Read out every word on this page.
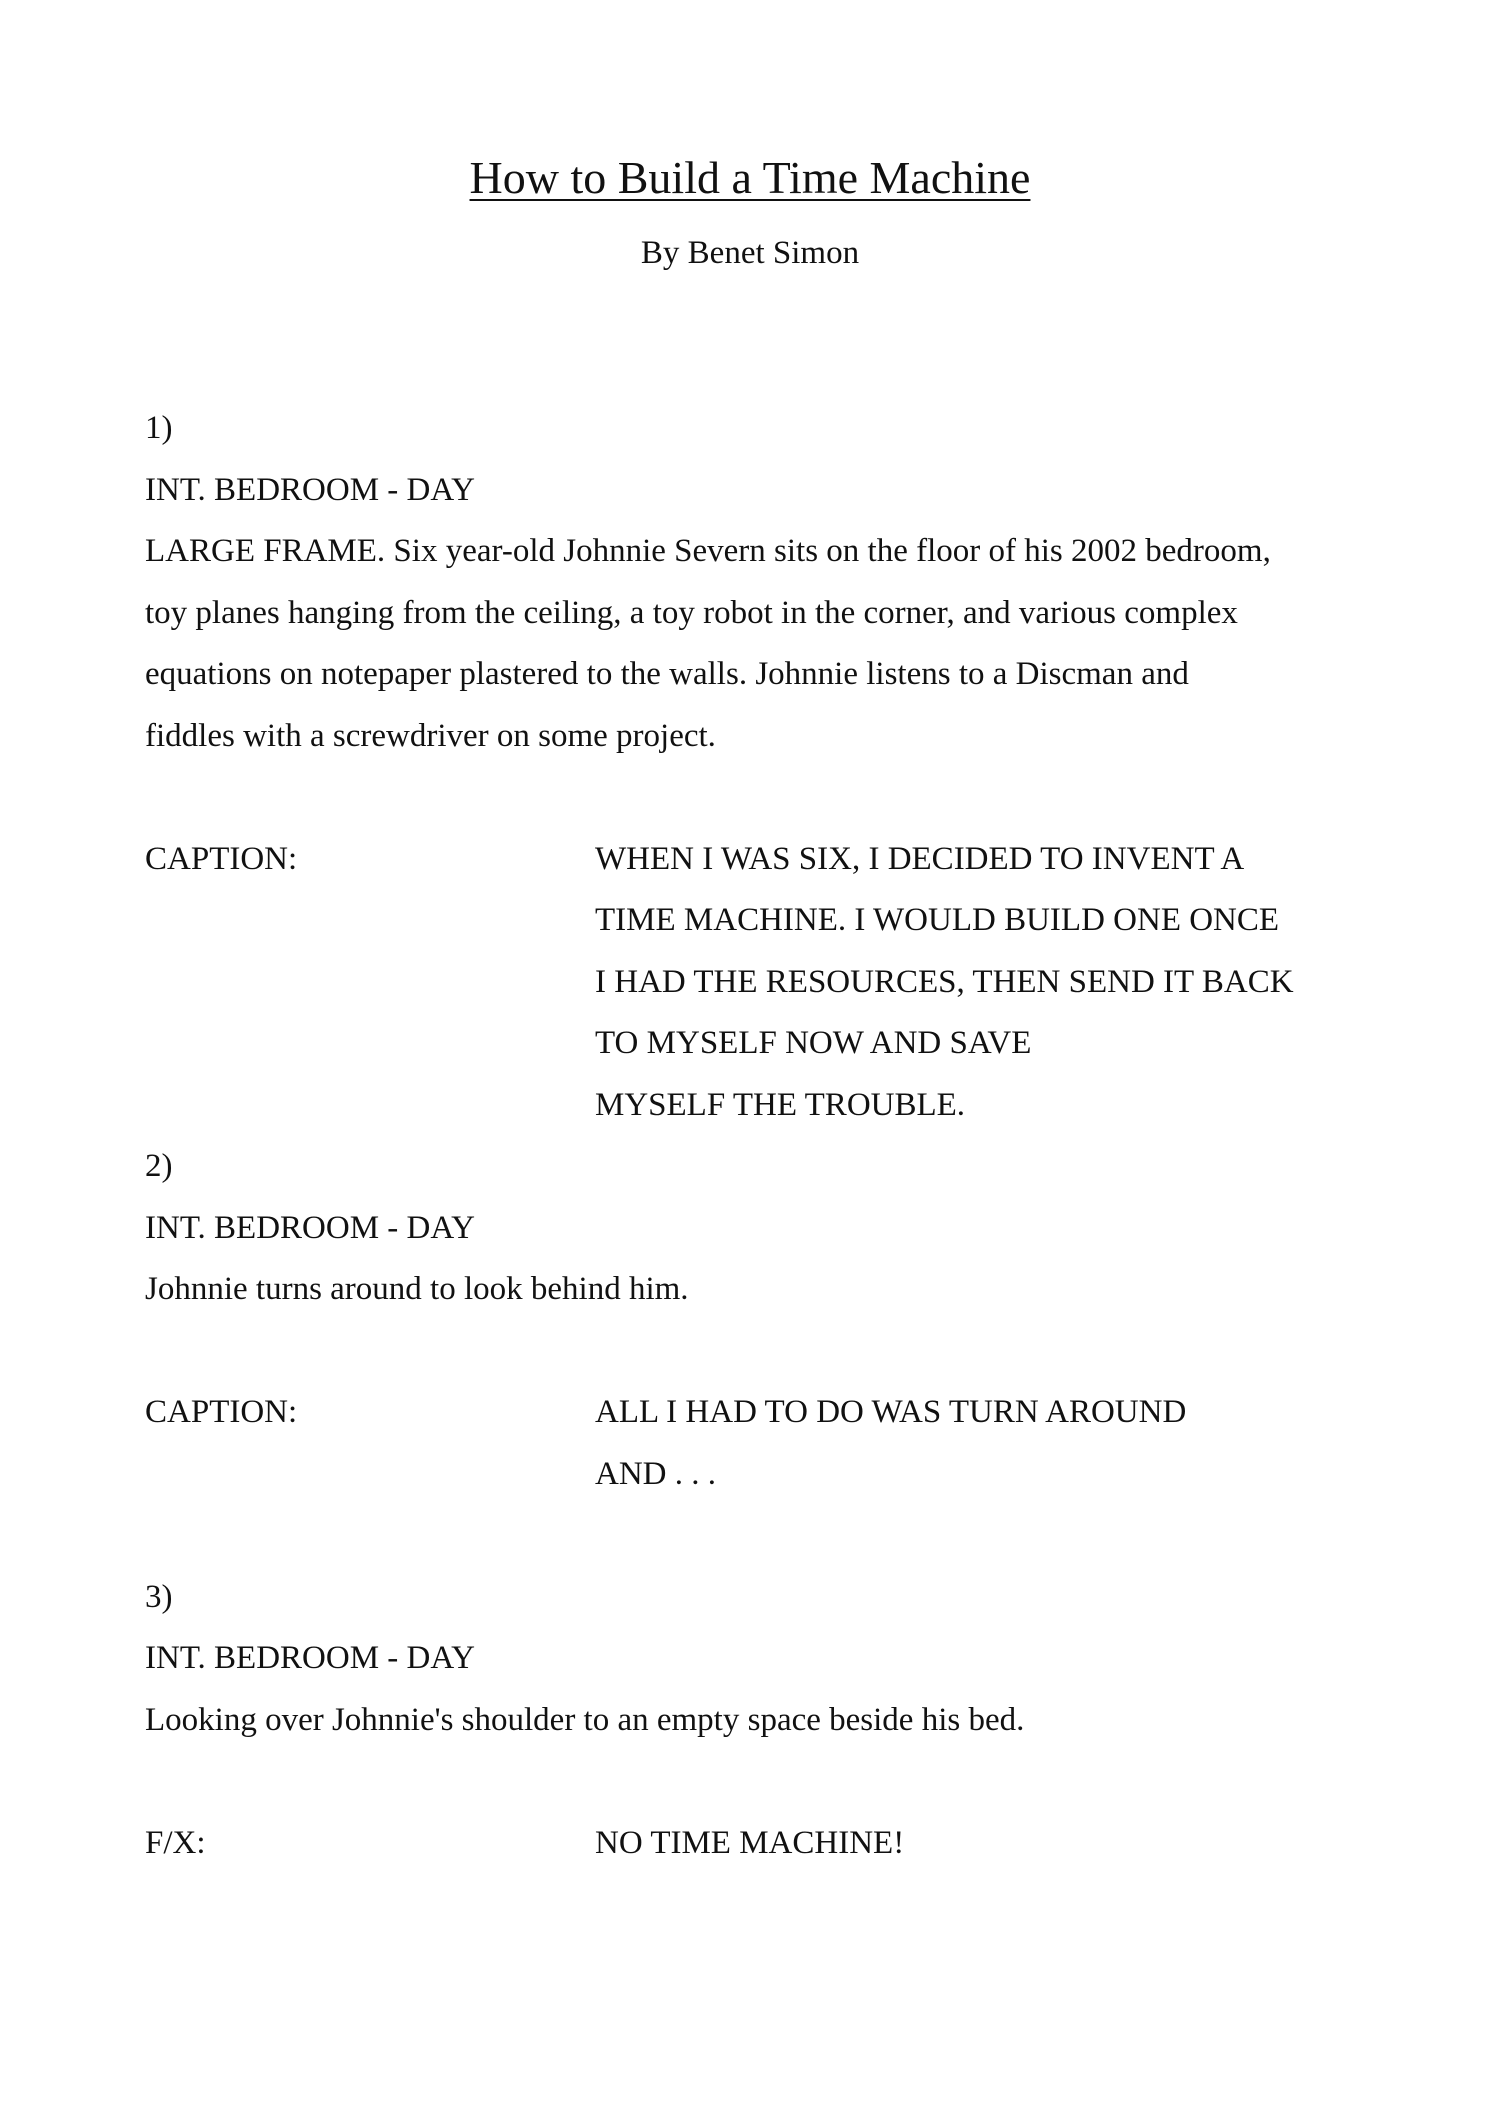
How to Build a Time Machine

By Benet Simon

1)
INT. BEDROOM - DAY
LARGE FRAME. Six year-old Johnnie Severn sits on the floor of his 2002 bedroom,
toy planes hanging from the ceiling, a toy robot in the corner, and various complex
equations on notepaper plastered to the walls. Johnnie listens to a Discman and
fiddles with a screwdriver on some project.
CAPTION:	WHEN I WAS SIX, I DECIDED TO INVENT A
TIME MACHINE. I WOULD BUILD ONE ONCE
I HAD THE RESOURCES, THEN SEND IT BACK
TO MYSELF NOW AND SAVE
MYSELF THE TROUBLE.
2)
INT. BEDROOM - DAY
Johnnie turns around to look behind him.
CAPTION:	ALL I HAD TO DO WAS TURN AROUND
AND . . .
3)
INT. BEDROOM - DAY
Looking over Johnnie's shoulder to an empty space beside his bed.
F/X:	NO TIME MACHINE!
